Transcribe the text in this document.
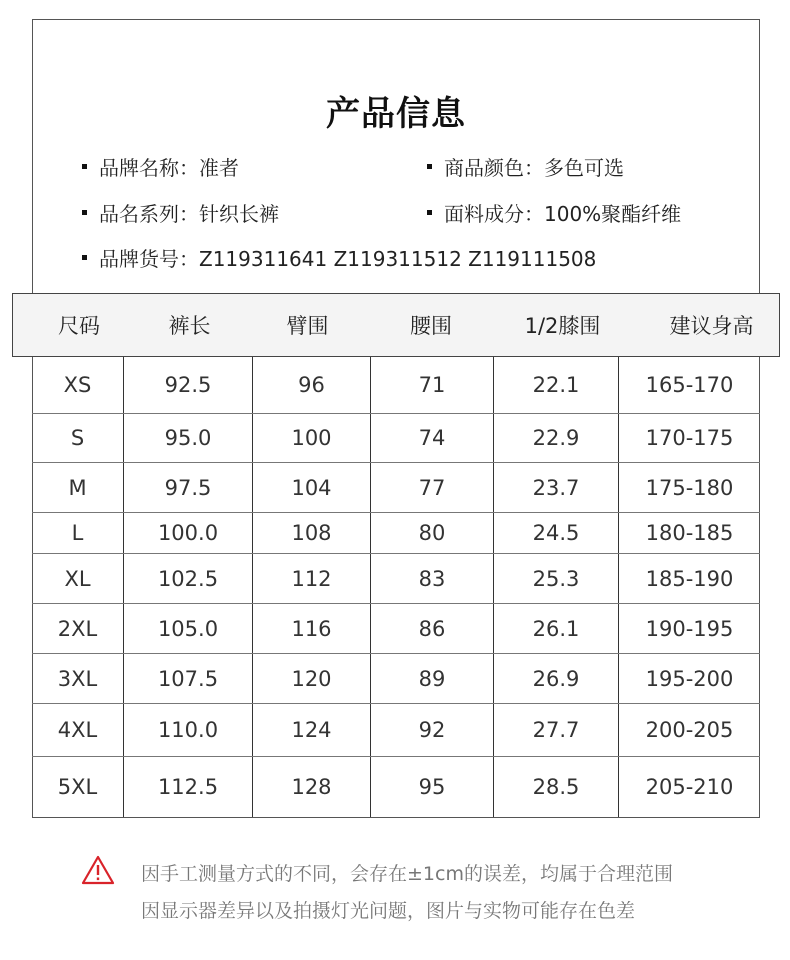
产品信息
品牌名称：准者	商品颜色：多色可选
品名系列：针织长裤	面料成分：100%聚酯纤维
品牌货号：Z119311641 Z119311512 Z119111508
尺码	裤长	臂围	腰围	1/2膝围	建议身高
XS	92.5	96	71	22.1	165-170
S	95.0	100	74	22.9	170-175
M	97.5	104	77	23.7	175-180
L	100.0	108	80	24.5	180-185
XL	102.5	112	83	25.3	185-190
2XL	105.0	116	86	26.1	190-195
3XL	107.5	120	89	26.9	195-200
4XL	110.0	124	92	27.7	200-205
5XL	112.5	128	95	28.5	205-210
因手工测量方式的不同，会存在±1cm的误差，均属于合理范围
因显示器差异以及拍摄灯光问题，图片与实物可能存在色差
